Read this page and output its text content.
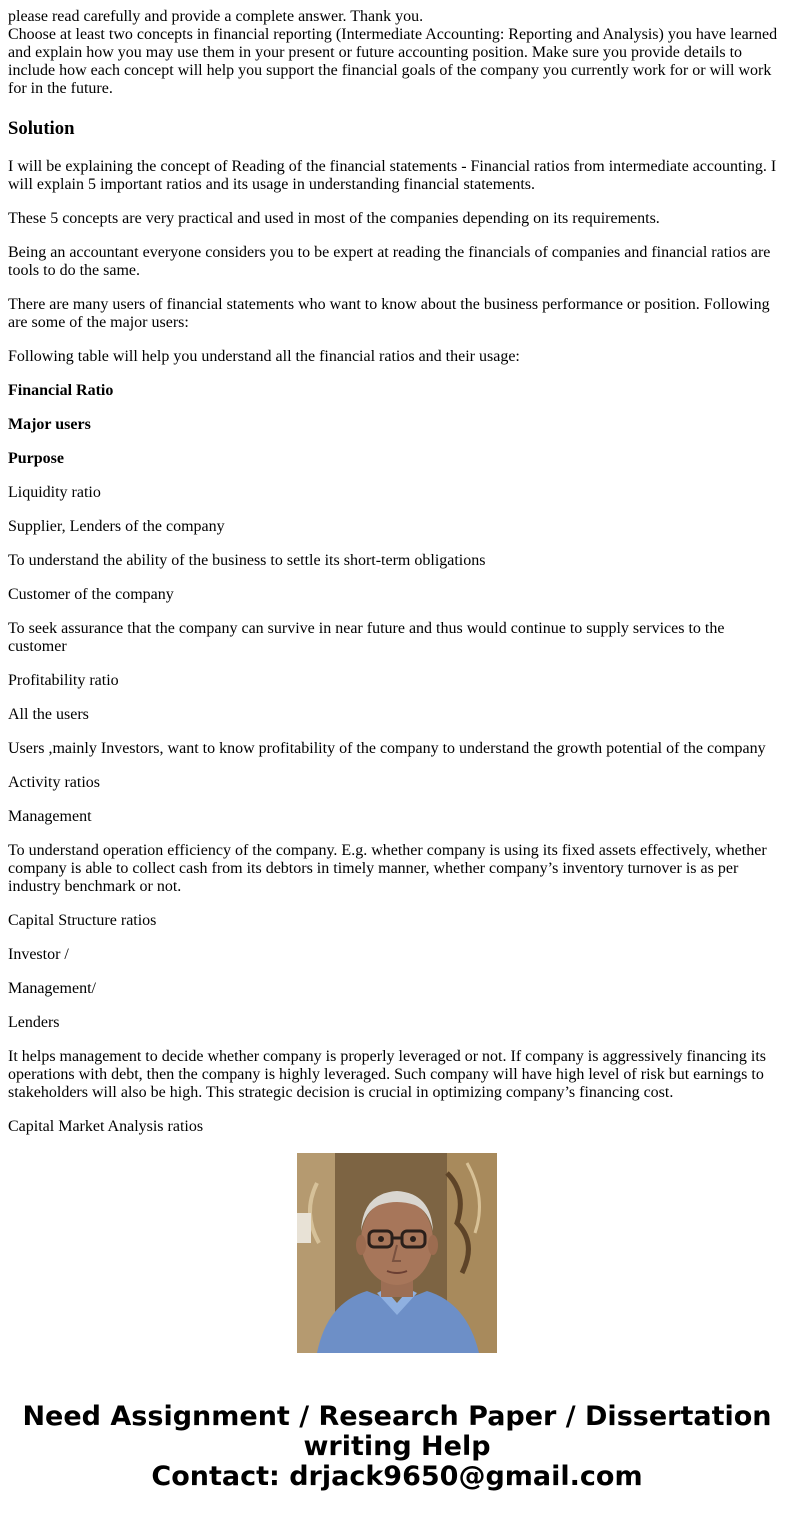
please read carefully and provide a complete answer. Thank you.

Choose at least two concepts in financial reporting (Intermediate Accounting: Reporting and Analysis) you have learned and explain how you may use them in your present or future accounting position. Make sure you provide details to include how each concept will help you support the financial goals of the company you currently work for or will work for in the future.

Solution

I will be explaining the concept of Reading of the financial statements - Financial ratios from intermediate accounting. I will explain 5 important ratios and its usage in understanding financial statements.

These 5 concepts are very practical and used in most of the companies depending on its requirements.

Being an accountant everyone considers you to be expert at reading the financials of companies and financial ratios are tools to do the same.

There are many users of financial statements who want to know about the business performance or position. Following are some of the major users:

Following table will help you understand all the financial ratios and their usage:

Financial Ratio

Major users

Purpose

Liquidity ratio

Supplier, Lenders of the company

To understand the ability of the business to settle its short-term obligations

Customer of the company

To seek assurance that the company can survive in near future and thus would continue to supply services to the customer

Profitability ratio

All the users

Users ,mainly Investors, want to know profitability of the company to understand the growth potential of the company

Activity ratios

Management

To understand operation efficiency of the company. E.g. whether company is using its fixed assets effectively, whether company is able to collect cash from its debtors in timely manner, whether company’s inventory turnover is as per industry benchmark or not.

Capital Structure ratios

Investor /

Management/

Lenders

It helps management to decide whether company is properly leveraged or not. If company is aggressively financing its operations with debt, then the company is highly leveraged. Such company will have high level of risk but earnings to stakeholders will also be high. This strategic decision is crucial in optimizing company’s financing cost.

Capital Market Analysis ratios

Need Assignment / Research Paper / Dissertation
writing Help
Contact: drjack9650@gmail.com
